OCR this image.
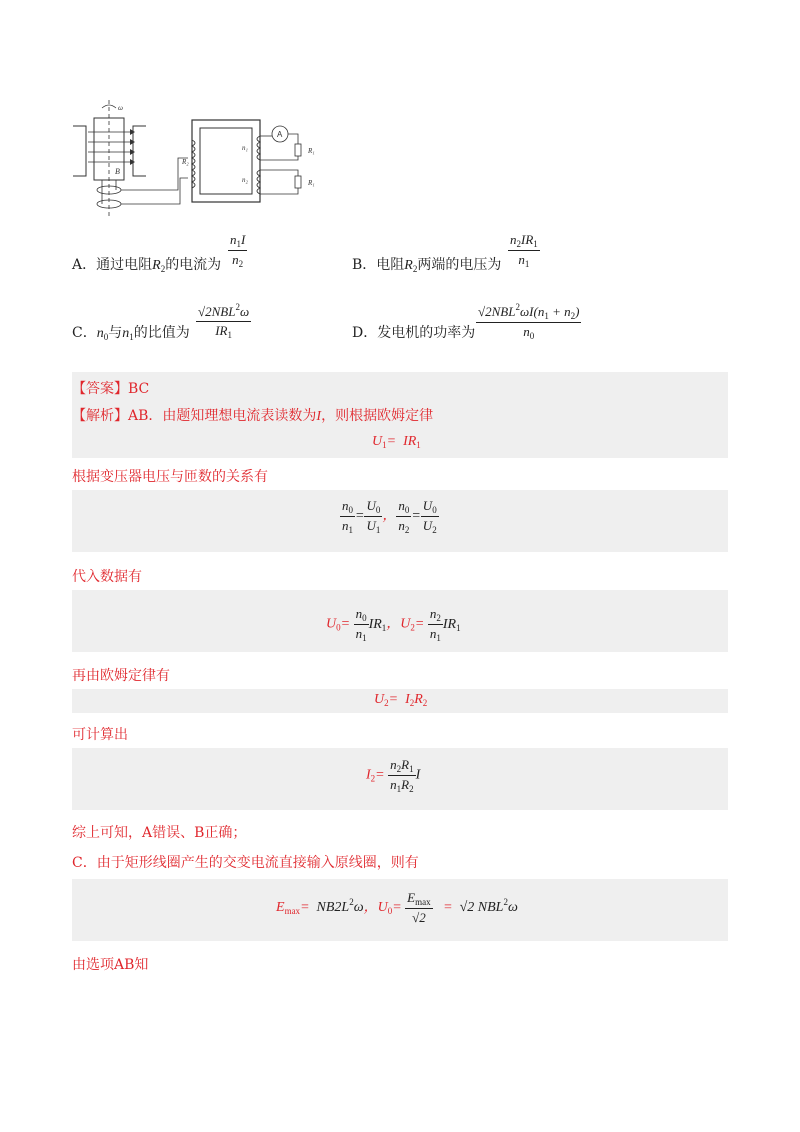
ω
B
R₂
n₁
n₂
A
R₁
R₁
A．通过电阻$R_2$的电流为
$n_1I$
$n_2$	B．电阻$R_2$两端的电压为
$n_2IR_1$
$n_1$
C．$n_0$与$n_1$的比值为
√2NBL$^2$ω
$IR_1$	D．发电机的功率为
$√2NBL^2\omega I(n_1 + n_2)$
$n_0$
【答案】BC
【解析】AB．由题知理想电流表读数为I，则根据欧姆定律
$U_1= IR_1$
根据变压器电压与匝数的关系有
$\frac{n_0}{n_1} = \frac{U_0}{U_1}$ ， $\frac{n_0}{n_2} = \frac{U_0}{U_2}$
代入数据有
$U_0= \frac{n_0}{n_1} IR_1$，$U_2= \frac{n_2}{n_1} IR_1$
再由欧姆定律有
$U_2= I_2R_2$
可计算出
$I_2= \frac{n_2R_1}{n_1R_2}$ I
综上可知，A错误、B正确；
C．由于矩形线圈产生的交变电流直接输入原线圈，则有
$E_{max}= NB2L^2\omega$，$U_0=$
$E_{max}$
√2
=  √2 NBL$^2$ω
由选项AB知
